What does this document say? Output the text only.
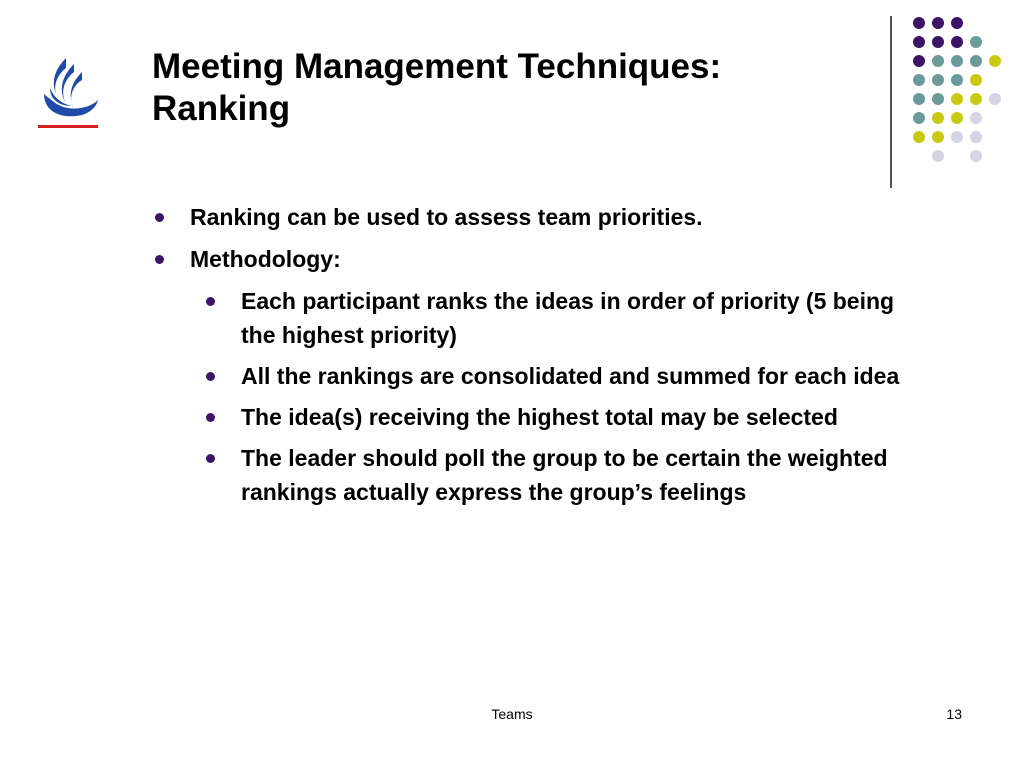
Meeting Management Techniques:
Ranking
Ranking can be used to assess team priorities.
Methodology:
Each participant ranks the ideas in order of priority (5 being the highest priority)
All the rankings are consolidated and summed for each idea
The idea(s) receiving the highest total may be selected
The leader should poll the group to be certain the weighted rankings actually express the group’s feelings
Teams	13
